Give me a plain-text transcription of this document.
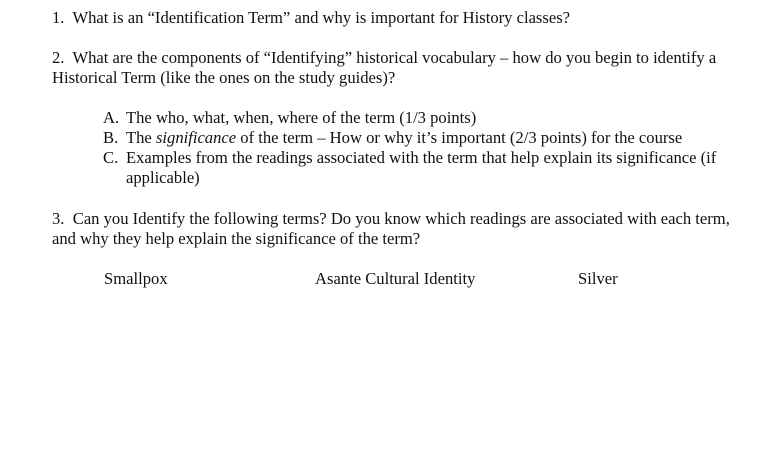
1. What is an “Identification Term” and why is important for History classes?

2. What are the components of “Identifying” historical vocabulary – how do you begin to identify a Historical Term (like the ones on the study guides)?

A. The who, what, when, where of the term (1/3 points)
B. The significance of the term – How or why it’s important (2/3 points) for the course
C. Examples from the readings associated with the term that help explain its significance (if applicable)

3. Can you Identify the following terms? Do you know which readings are associated with each term, and why they help explain the significance of the term?

Smallpox	Asante Cultural Identity	Silver
